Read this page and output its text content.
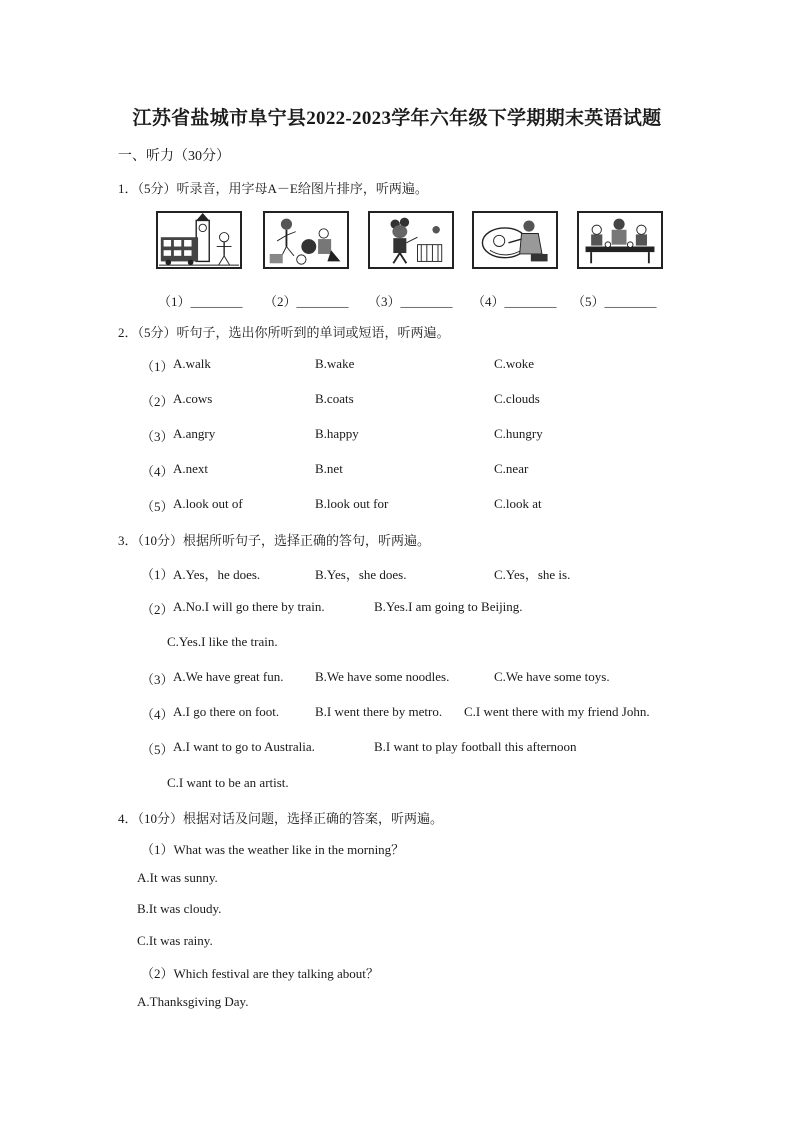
江苏省盐城市阜宁县2022-2023学年六年级下学期期末英语试题
一、听力（30分）
1．（5分）听录音，用字母A－E给图片排序，听两遍。
（1）________ （2）________ （3）________ （4）________ （5）________
2．（5分）听句子，选出你所听到的单词或短语，听两遍。
（1） A.walk	B.wake	C.woke
（2） A.cows	B.coats	C.clouds
（3） A.angry	B.happy	C.hungry
（4） A.next	B.net	C.near
（5） A.look out of	B.look out for	C.look at
3．（10分）根据所听句子，选择正确的答句，听两遍。
（1） A.Yes，he does.	B.Yes，she does.	C.Yes，she is.
（2） A.No.I will go there by train.	B.Yes.I am going to Beijing.
C.Yes.I like the train.
（3） A.We have great fun. B.We have some noodles.	C.We have some toys.
（4） A.I go there on foot.	B.I went there by metro. C.I went there with my friend John.
（5） A.I want to go to Australia.	B.I want to play football this afternoon
C.I want to be an artist.
4．（10分）根据对话及问题，选择正确的答案，听两遍。
（1）What was the weather like in the morning？
A.It was sunny.
B.It was cloudy.
C.It was rainy.
（2）Which festival are they talking about？
A.Thanksgiving Day.
